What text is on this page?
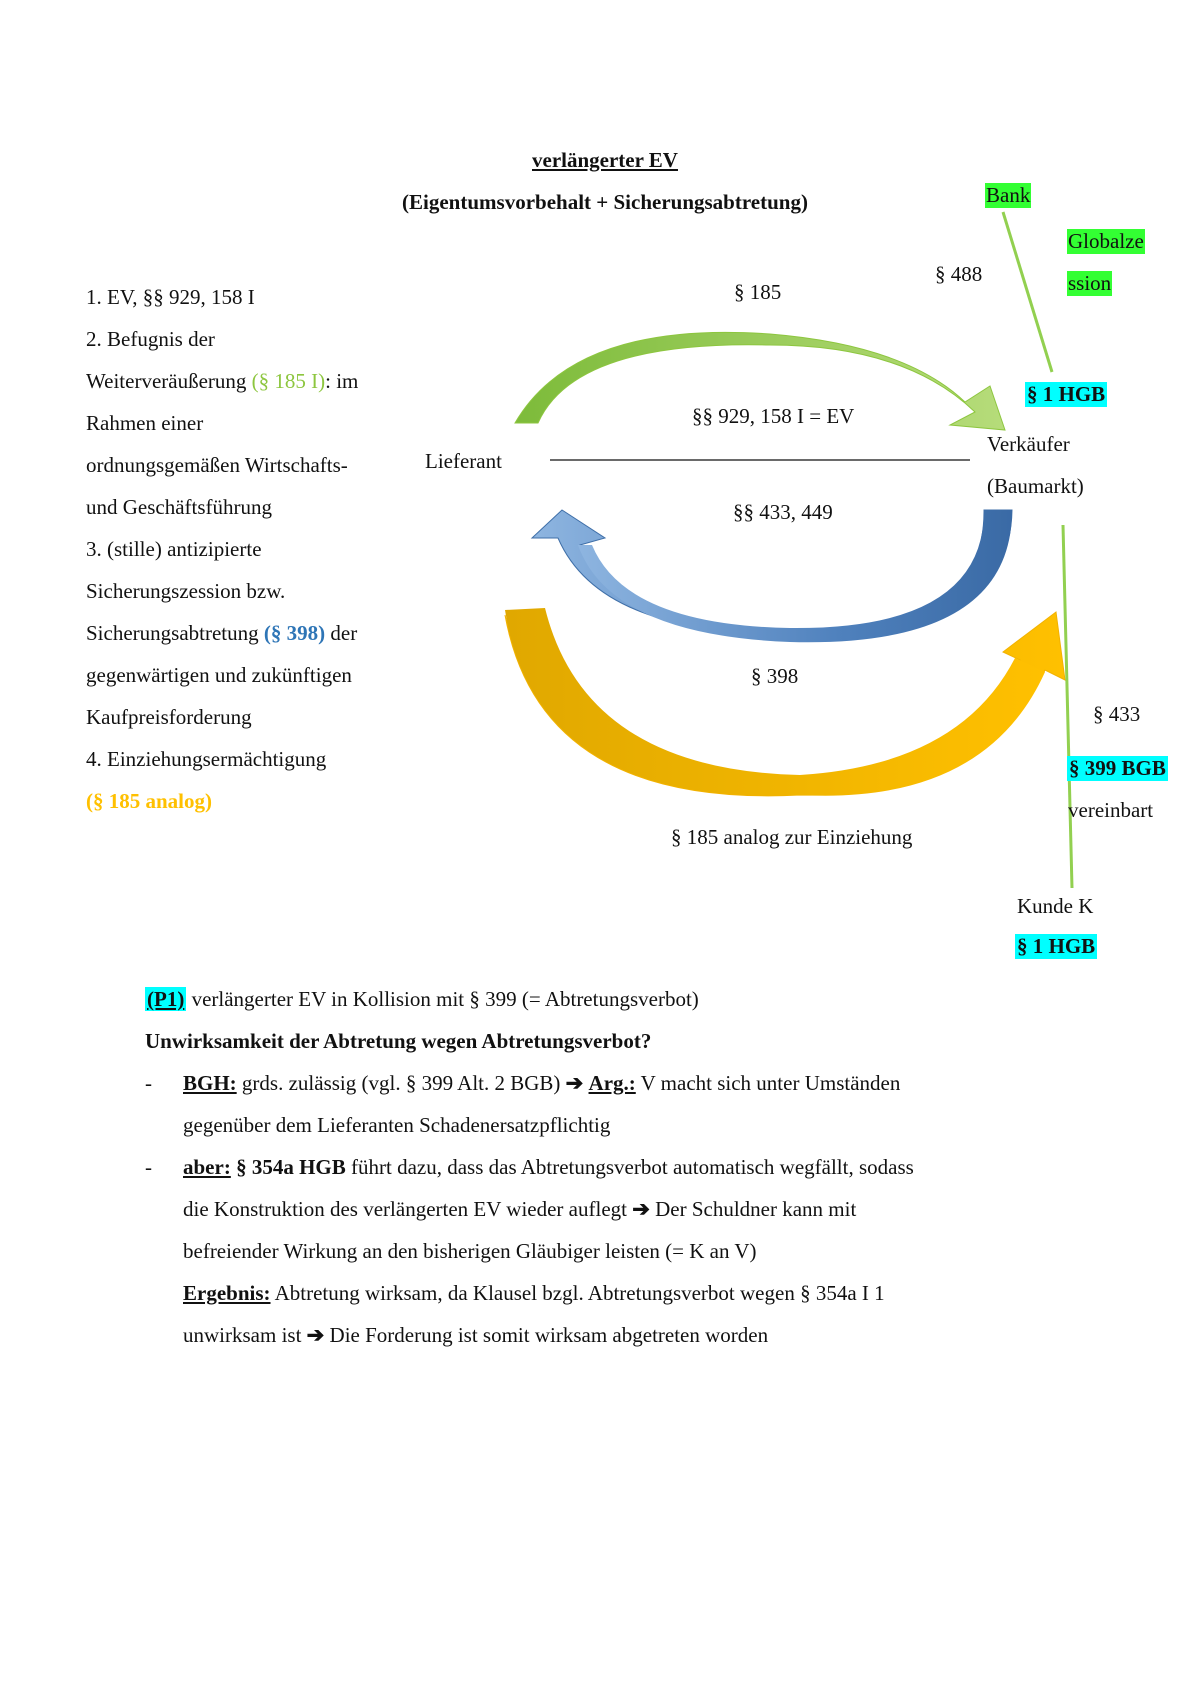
verlängerter EV
(Eigentumsvorbehalt + Sicherungsabtretung)
1. EV, §§ 929, 158 I
2. Befugnis der
Weiterveräußerung (§ 185 I): im
Rahmen einer
ordnungsgemäßen Wirtschafts-
und Geschäftsführung
3. (stille) antizipierte
Sicherungszession bzw.
Sicherungsabtretung (§ 398) der
gegenwärtigen und zukünftigen
Kaufpreisforderung
4. Einziehungsermächtigung
(§ 185 analog)
§ 185
§ 488
Bank
Globalze
ssion
§ 1 HGB
§§ 929, 158 I = EV
Lieferant
Verkäufer
(Baumarkt)
§§ 433, 449
§ 398
§ 433
§ 399 BGB
vereinbart
§ 185 analog zur Einziehung
Kunde K
§ 1 HGB
(P1) verlängerter EV in Kollision mit § 399 (= Abtretungsverbot)
Unwirksamkeit der Abtretung wegen Abtretungsverbot?
-	BGH: grds. zulässig (vgl. § 399 Alt. 2 BGB) ➔ Arg.: V macht sich unter Umständen
gegenüber dem Lieferanten Schadenersatzpflichtig
-	aber: § 354a HGB führt dazu, dass das Abtretungsverbot automatisch wegfällt, sodass
die Konstruktion des verlängerten EV wieder auflegt ➔ Der Schuldner kann mit
befreiender Wirkung an den bisherigen Gläubiger leisten (= K an V)
Ergebnis: Abtretung wirksam, da Klausel bzgl. Abtretungsverbot wegen § 354a I 1
unwirksam ist ➔ Die Forderung ist somit wirksam abgetreten worden
